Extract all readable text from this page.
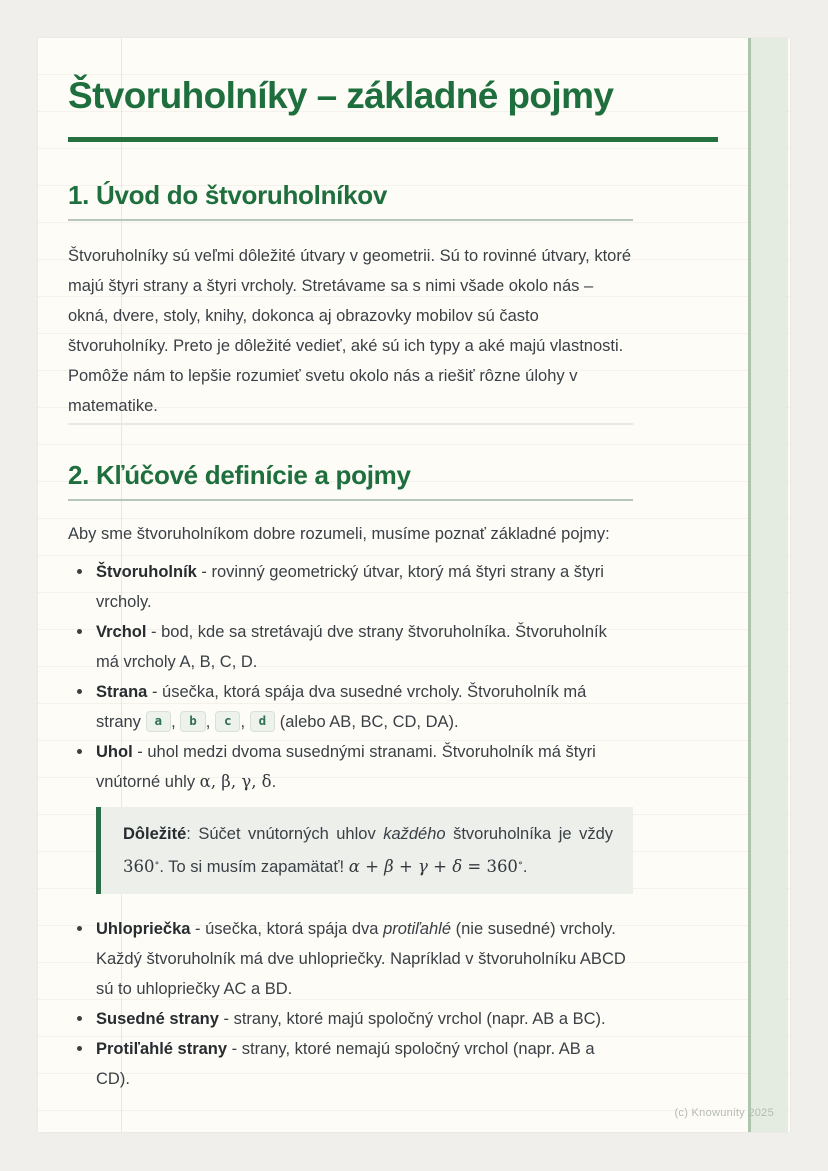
Štvoruholníky – základné pojmy
1. Úvod do štvoruholníkov

Štvoruholníky sú veľmi dôležité útvary v geometrii. Sú to rovinné útvary, ktoré majú štyri strany a štyri vrcholy. Stretávame sa s nimi všade okolo nás – okná, dvere, stoly, knihy, dokonca aj obrazovky mobilov sú často štvoruholníky. Preto je dôležité vedieť, aké sú ich typy a aké majú vlastnosti. Pomôže nám to lepšie rozumieť svetu okolo nás a riešiť rôzne úlohy v matematike.

2. Kľúčové definície a pojmy

Aby sme štvoruholníkom dobre rozumeli, musíme poznať základné pojmy:

Štvoruholník - rovinný geometrický útvar, ktorý má štyri strany a štyri vrcholy.
Vrchol - bod, kde sa stretávajú dve strany štvoruholníka. Štvoruholník má vrcholy A, B, C, D.
Strana - úsečka, ktorá spája dva susedné vrcholy. Štvoruholník má strany a , b , c , d (alebo AB, BC, CD, DA).
Uhol - uhol medzi dvoma susednými stranami. Štvoruholník má štyri vnútorné uhly α, β, γ, δ.
Dôležité: Súčet vnútorných uhlov každého štvoruholníka je vždy 360∘. To si musím zapamätať! α + β + γ + δ = 360∘.
Uhlopriečka - úsečka, ktorá spája dva protiľahlé (nie susedné) vrcholy. Každý štvoruholník má dve uhlopriečky. Napríklad v štvoruholníku ABCD sú to uhlopriečky AC a BD.
Susedné strany - strany, ktoré majú spoločný vrchol (napr. AB a BC).
Protiľahlé strany - strany, ktoré nemajú spoločný vrchol (napr. AB a CD).
(c) Knowunity 2025
